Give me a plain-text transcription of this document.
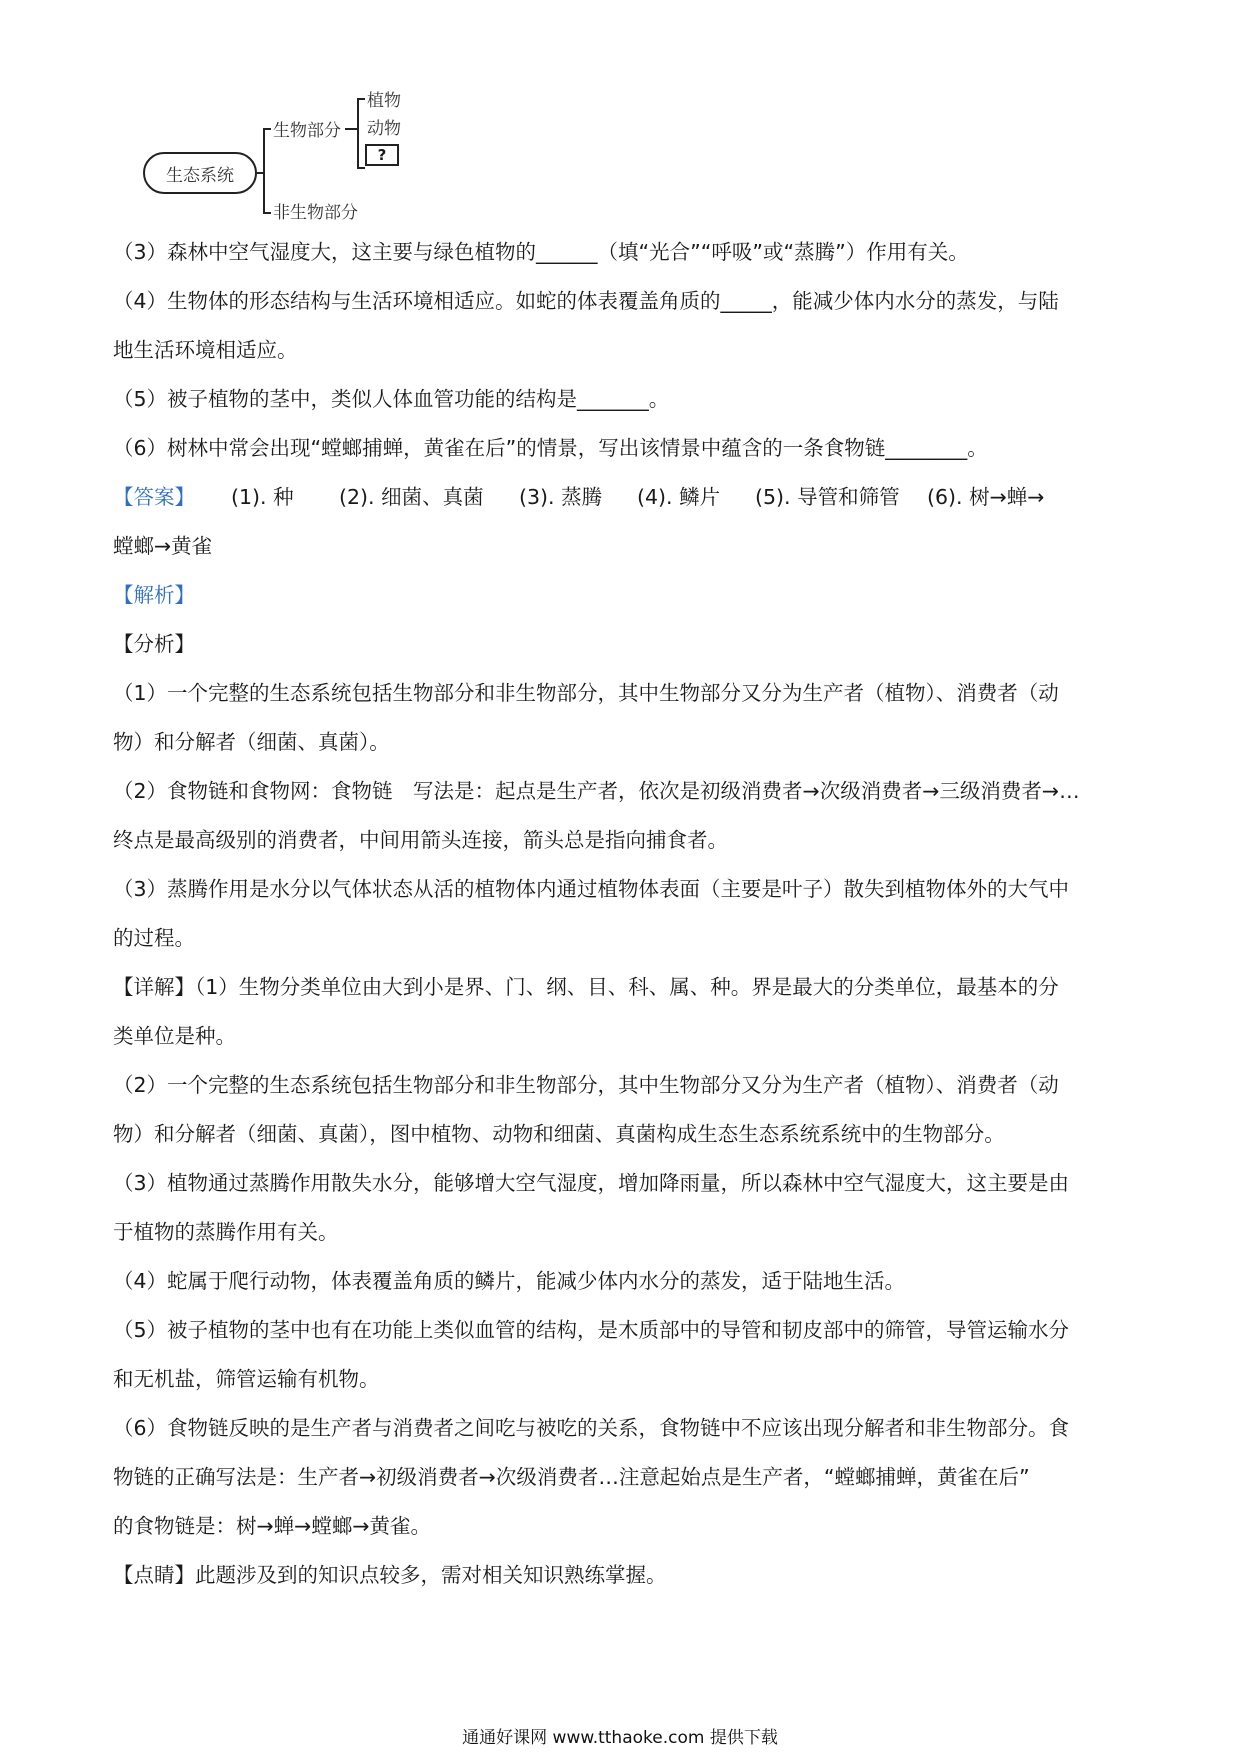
生态系统
生物部分
非生物部分
植物
动物
?

（3）森林中空气湿度大，这主要与绿色植物的______（填“光合”“呼吸”或“蒸腾”）作用有关。

（4）生物体的形态结构与生活环境相适应。如蛇的体表覆盖角质的_____，能减少体内水分的蒸发，与陆

地生活环境相适应。

（5）被子植物的茎中，类似人体血管功能的结构是_______。

（6）树林中常会出现“螳螂捕蝉，黄雀在后”的情景，写出该情景中蕴含的一条食物链________。

【答案】	(1). 种	(2). 细菌、真菌	(3). 蒸腾	(4). 鳞片	(5). 导管和筛管	(6). 树→蝉→

螳螂→黄雀

【解析】

【分析】

（1）一个完整的生态系统包括生物部分和非生物部分，其中生物部分又分为生产者（植物）、消费者（动

物）和分解者（细菌、真菌）。

（2）食物链和食物网：食物链　写法是：起点是生产者，依次是初级消费者→次级消费者→三级消费者→…

终点是最高级别的消费者，中间用箭头连接，箭头总是指向捕食者。

（3）蒸腾作用是水分以气体状态从活的植物体内通过植物体表面（主要是叶子）散失到植物体外的大气中

的过程。

【详解】（1）生物分类单位由大到小是界、门、纲、目、科、属、种。界是最大的分类单位，最基本的分

类单位是种。

（2）一个完整的生态系统包括生物部分和非生物部分，其中生物部分又分为生产者（植物）、消费者（动

物）和分解者（细菌、真菌），图中植物、动物和细菌、真菌构成生态生态系统系统中的生物部分。

（3）植物通过蒸腾作用散失水分，能够增大空气湿度，增加降雨量，所以森林中空气湿度大，这主要是由

于植物的蒸腾作用有关。

（4）蛇属于爬行动物，体表覆盖角质的鳞片，能减少体内水分的蒸发，适于陆地生活。

（5）被子植物的茎中也有在功能上类似血管的结构，是木质部中的导管和韧皮部中的筛管，导管运输水分

和无机盐，筛管运输有机物。

（6）食物链反映的是生产者与消费者之间吃与被吃的关系，食物链中不应该出现分解者和非生物部分。食

物链的正确写法是：生产者→初级消费者→次级消费者…注意起始点是生产者，“螳螂捕蝉，黄雀在后”

的食物链是：树→蝉→螳螂→黄雀。

【点睛】此题涉及到的知识点较多，需对相关知识熟练掌握。

通通好课网 www.tthaoke.com 提供下载
